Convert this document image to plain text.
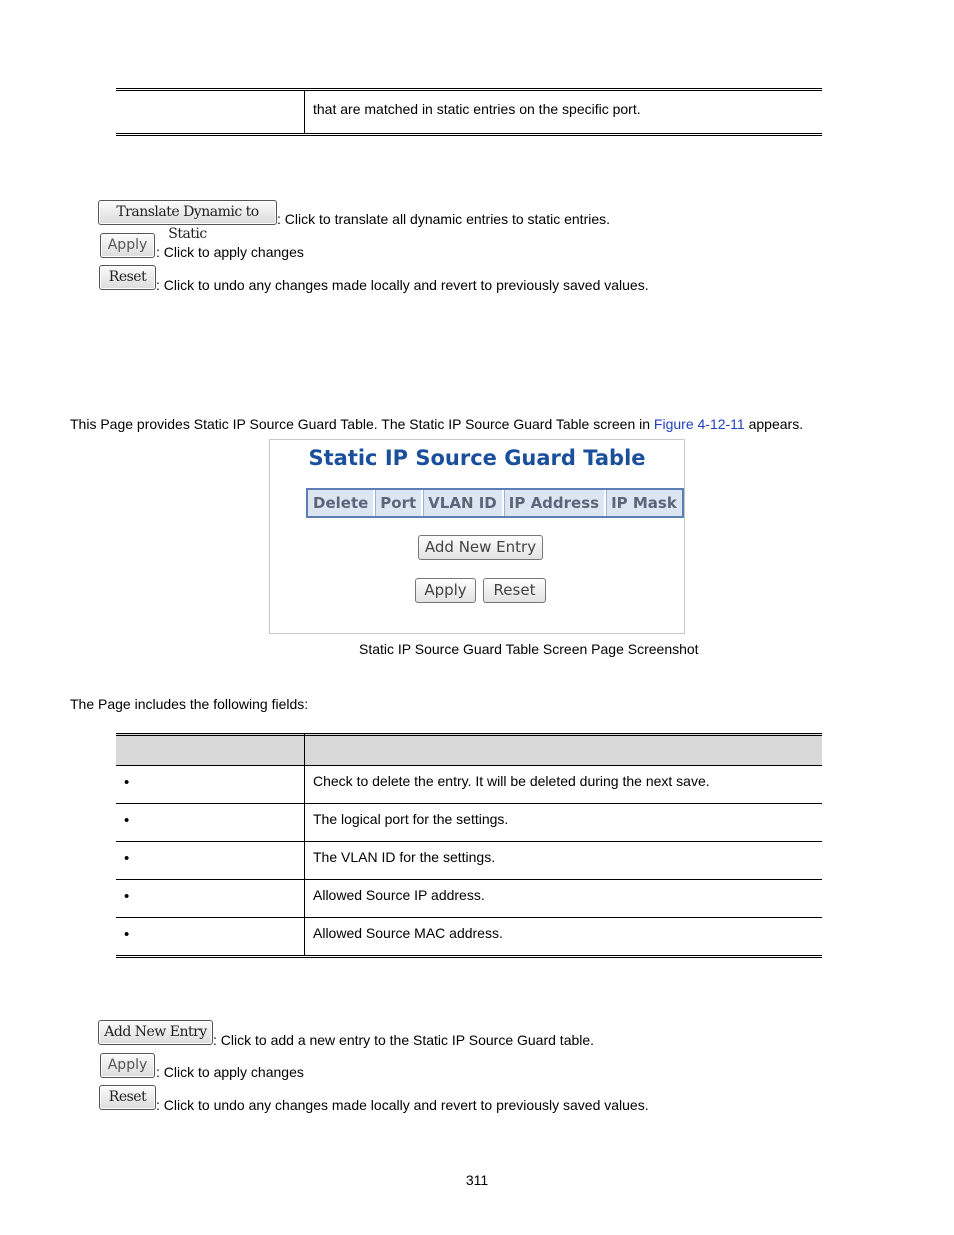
that are matched in static entries on the specific port.
Translate Dynamic to Static
: Click to translate all dynamic entries to static entries.
Apply : Click to apply changes
Reset : Click to undo any changes made locally and revert to previously saved values.
This Page provides Static IP Source Guard Table. The Static IP Source Guard Table screen in Figure 4-12-11 appears.
Static IP Source Guard Table
Delete Port VLAN ID IP Address IP Mask
Add New Entry
Apply	Reset
Static IP Source Guard Table Screen Page Screenshot
The Page includes the following fields:
•	Check to delete the entry. It will be deleted during the next save.
•	The logical port for the settings.
•	The VLAN ID for the settings.
•	Allowed Source IP address.
•	Allowed Source MAC address.
Add New Entry : Click to add a new entry to the Static IP Source Guard table.
Apply : Click to apply changes
Reset : Click to undo any changes made locally and revert to previously saved values.
311
